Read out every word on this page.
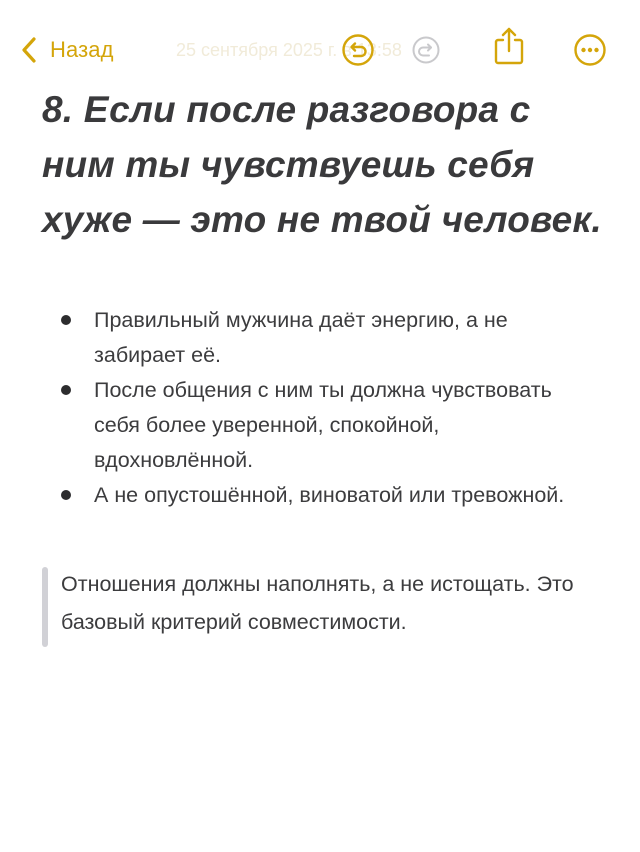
Назад	25 сентября 2025 г. в 13:58
8. Если после разговора с ним ты чувствуешь себя хуже — это не твой человек.
Правильный мужчина даёт энергию, а не забирает её.
После общения с ним ты должна чувствовать себя более уверенной, спокойной, вдохновлённой.
А не опустошённой, виноватой или тревожной.
Отношения должны наполнять, а не истощать. Это базовый критерий совместимости.
